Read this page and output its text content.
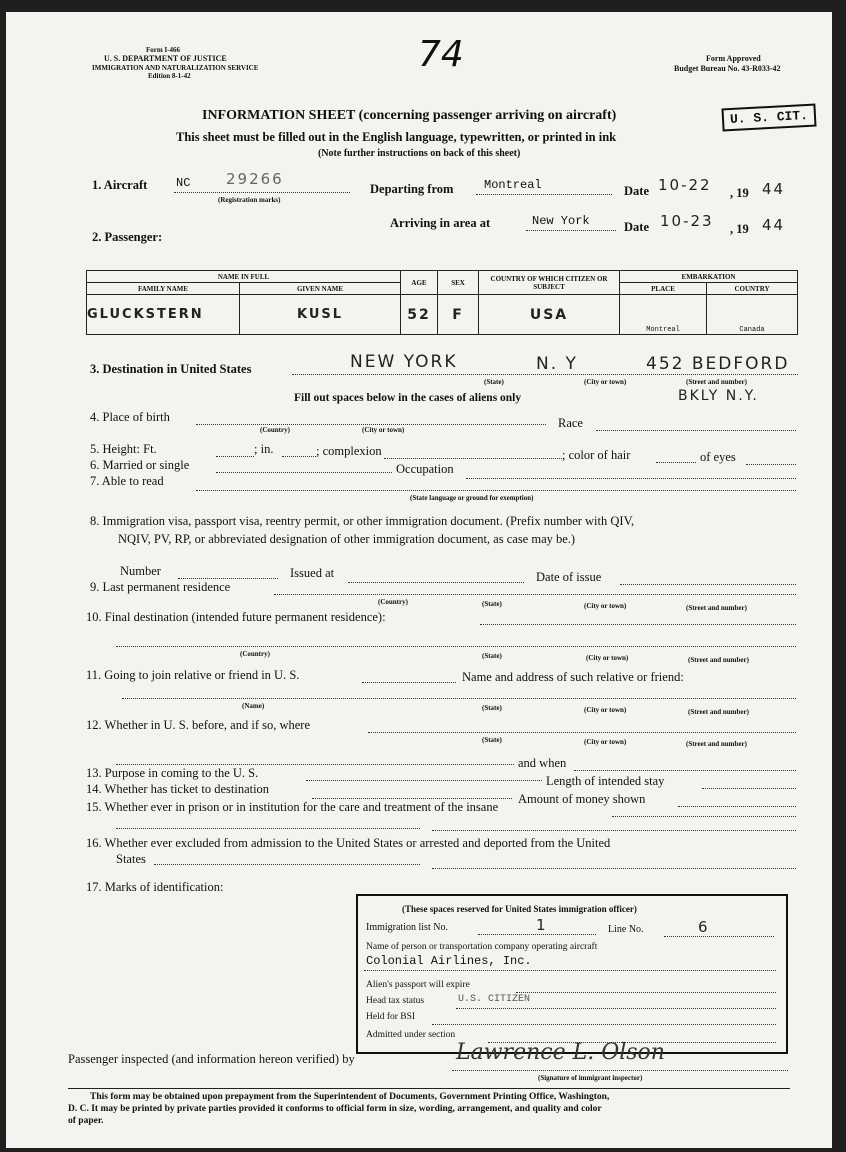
Form I-466
U. S. DEPARTMENT OF JUSTICE
IMMIGRATION AND NATURALIZATION SERVICE
Edition 8-1-42
74	Form Approved
Budget Bureau No. 43-R033-42
U. S. CIT.
INFORMATION SHEET (concerning passenger arriving on aircraft)
This sheet must be filled out in the English language, typewritten, or printed in ink
(Note further instructions on back of this sheet)
1. Aircraft NC 29266
(Registration marks)
Departing from	Montreal	Date 10-22 , 19 44
2. Passenger:
Arriving in area at	New York	Date 10-23 , 19 44
NAME IN FULL		AGE	SEX	COUNTRY OF WHICH CITIZEN OR SUBJECT	EMBARKATION	
FAMILY NAME	GIVEN NAME				PLACE	COUNTRY
GLUCKSTERN	KUSL	52	F	USA	Montreal	Canada
3. Destination in United States	NEW YORK	N. Y	452 BEDFORD
(State)	(City or town)	(Street and number)
BKLY N.Y.
Fill out spaces below in the cases of aliens only
4. Place of birth
(Country)	(City or town)	Race
5. Height: Ft.	; in.	; complexion	; color of hair	of eyes
6. Married or single	Occupation
7. Able to read
(State language or ground for exemption)
8. Immigration visa, passport visa, reentry permit, or other immigration document. (Prefix number with QIV,
NQIV, PV, RP, or abbreviated designation of other immigration document, as case may be.)
Number	Issued at	Date of issue
9. Last permanent residence
(Country)	(State)	(City or town)	(Street and number)
10. Final destination (intended future permanent residence):
(Country)	(State)	(City or town)	(Street and number)
11. Going to join relative or friend in U. S.	Name and address of such relative or friend:
(Name)	(State)	(City or town)	(Street and number)
12. Whether in U. S. before, and if so, where
(State)	(City or town)	(Street and number)
and when
13. Purpose in coming to the U. S.
Length of intended stay
14. Whether has ticket to destination
Amount of money shown
15. Whether ever in prison or in institution for the care and treatment of the insane
16. Whether ever excluded from admission to the United States or arrested and deported from the United
States
17. Marks of identification:
(These spaces reserved for United States immigration officer)
Immigration list No.	1	Line No.	6
Name of person or transportation company operating aircraft
Colonial Airlines, Inc.
Alien's passport will expire
Head tax status	U.S. CITIZEN
Held for BSI
Admitted under section
Passenger inspected (and information hereon verified) by	Lawrence L. Olson
(Signature of immigrant inspector)
This form may be obtained upon prepayment from the Superintendent of Documents, Government Printing Office, Washington,
D. C. It may be printed by private parties provided it conforms to official form in size, wording, arrangement, and quality and color
of paper.
